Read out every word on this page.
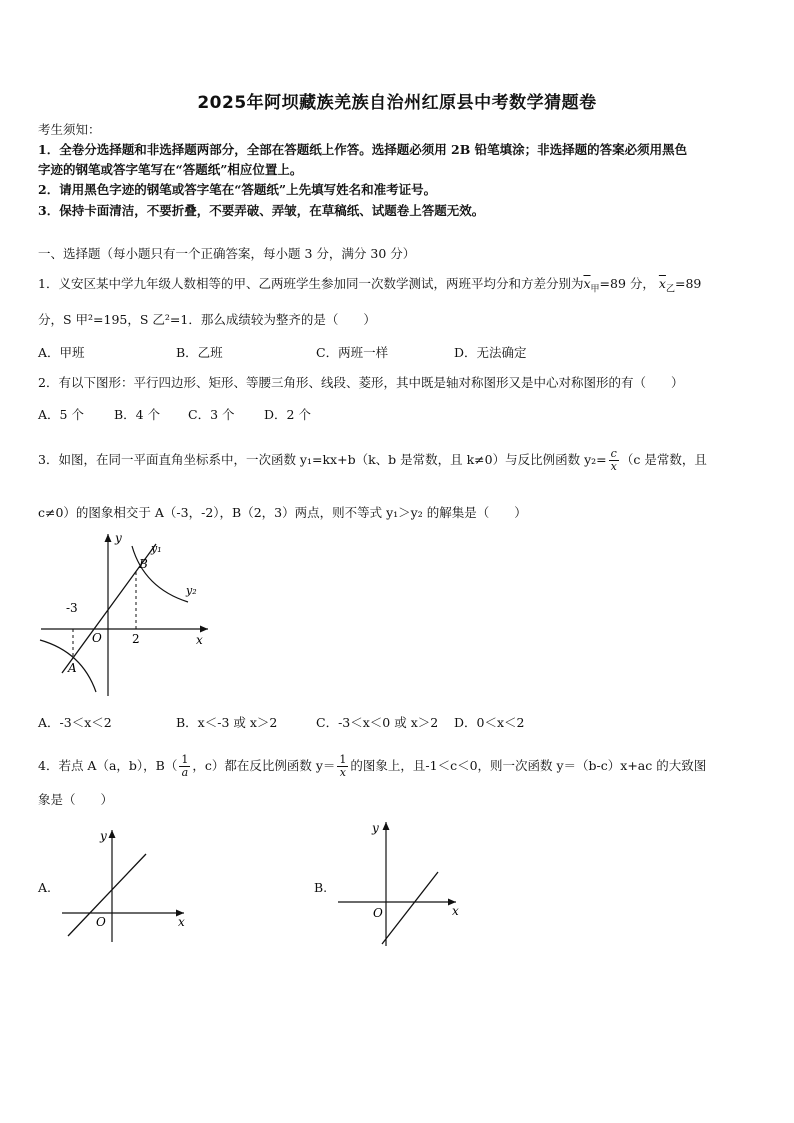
2025年阿坝藏族羌族自治州红原县中考数学猜题卷
考生须知：
1．全卷分选择题和非选择题两部分，全部在答题纸上作答。选择题必须用 2B 铅笔填涂；非选择题的答案必须用黑色
字迹的钢笔或答字笔写在“答题纸”相应位置上。
2．请用黑色字迹的钢笔或答字笔在“答题纸”上先填写姓名和准考证号。
3．保持卡面清洁，不要折叠，不要弄破、弄皱，在草稿纸、试题卷上答题无效。
一、选择题（每小题只有一个正确答案，每小题 3 分，满分 30 分）
1．义安区某中学九年级人数相等的甲、乙两班学生参加同一次数学测试，两班平均分和方差分别为$\overline{x}_甲=89$ 分， $\overline{x}_乙=89$
分，S 甲²=195，S 乙²=1．那么成绩较为整齐的是（　　）
A．甲班	B．乙班	C．两班一样	D．无法确定
2．有以下图形：平行四边形、矩形、等腰三角形、线段、菱形，其中既是轴对称图形又是中心对称图形的有（　　）
A．5 个 B．4 个 C．3 个 D．2 个
3．如图，在同一平面直角坐标系中，一次函数 y₁=kx+b（k、b 是常数，且 k≠0）与反比例函数 $y_2= \frac{c}{x} (c$ 是常数，且
c≠0）的图象相交于 A（-3，-2），B（2，3）两点，则不等式 y₁＞y₂ 的解集是（　　）
y
x
O
y₁
y₂
B
A
-3
2
A．-3＜x＜2	B．x＜-3 或 x＞2	C．-3＜x＜0 或 x＞2 D．0＜x＜2
4．若点 A（a，b），$B( \frac{1}{a}$ ，c）都在反比例函数 $y= \frac{1}{x}$ 的图象上，且-1＜c＜0，则一次函数 y＝（b-c）x+ac 的大致图
象是（　　）
A.
y
x
O
B.
y
x
O
